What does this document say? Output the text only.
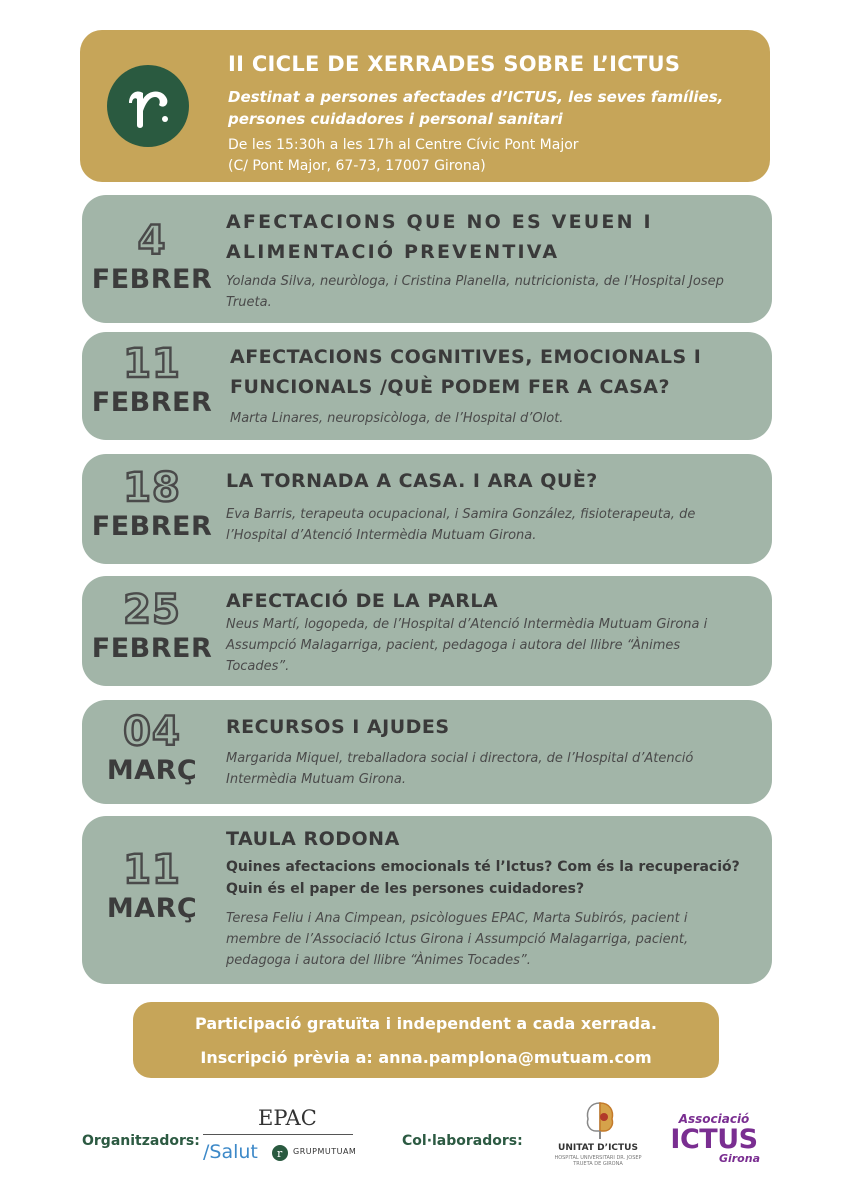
II CICLE DE XERRADES SOBRE L’ICTUS
Destinat a persones afectades d’ICTUS, les seves famílies, persones cuidadores i personal sanitari
De les 15:30h a les 17h al Centre Cívic Pont Major
(C/ Pont Major, 67-73, 17007 Girona)
4
FEBRER
AFECTACIONS QUE NO ES VEUEN I ALIMENTACIÓ PREVENTIVA
Yolanda Silva, neuròloga, i Cristina Planella, nutricionista, de l’Hospital Josep Trueta.
11
FEBRER
AFECTACIONS COGNITIVES, EMOCIONALS I FUNCIONALS /QUÈ PODEM FER A CASA?
Marta Linares, neuropsicòloga, de l’Hospital d’Olot.
18
FEBRER
LA TORNADA A CASA. I ARA QUÈ?
Eva Barris, terapeuta ocupacional, i Samira González, fisioterapeuta, de l’Hospital d’Atenció Intermèdia Mutuam Girona.
25
FEBRER
AFECTACIÓ DE LA PARLA
Neus Martí, logopeda, de l’Hospital d’Atenció Intermèdia Mutuam Girona i Assumpció Malagarriga, pacient, pedagoga i autora del llibre “Ànimes Tocades”.
04
MARÇ
RECURSOS I AJUDES
Margarida Miquel, treballadora social i directora, de l’Hospital d’Atenció Intermèdia Mutuam Girona.
11
MARÇ
TAULA RODONA
Quines afectacions emocionals té l’Ictus? Com és la recuperació? Quin és el paper de les persones cuidadores?
Teresa Feliu i Ana Cimpean, psicòlogues EPAC, Marta Subirós, pacient i membre de l’Associació Ictus Girona i Assumpció Malagarriga, pacient, pedagoga i autora del llibre “Ànimes Tocades”.
Participació gratuïta i independent a cada xerrada.
Inscripció prèvia a: anna.pamplona@mutuam.com
Organitzadors:
EPAC
/Salut r GRUPMUTUAM
Col·laboradors:	UNITAT D’ICTUS
HOSPITAL UNIVERSITARI DR. JOSEP TRUETA DE GIRONA
Associació
ICTUS
Girona
